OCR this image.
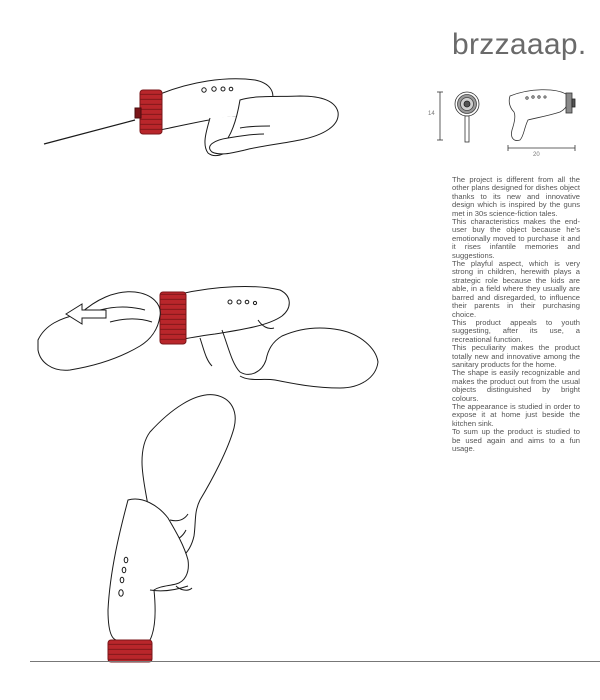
brzzaaap.
14
20

The project is different from all the other plans designed for dishes object thanks to its new and innovative design which is inspired by the guns met in 30s science-fiction tales.

This characteristics makes the end-user buy the object because he's emotionally moved to purchase it and it rises infantile memories and suggestions.

The playful aspect, which is very strong in children, herewith plays a strategic role because the kids are able, in a field where they usually are barred and disregarded, to influence their parents in their purchasing choice.

This product appeals to youth suggesting, after its use, a recreational function.

This peculiarity makes the product totally new and innovative among the sanitary products for the home.

The shape is easily recognizable and makes the product out from the usual objects distinguished by bright colours.

The appearance is studied in order to expose it at home just beside the kitchen sink.

To sum up the product is studied to be used again and aims to a fun usage.
